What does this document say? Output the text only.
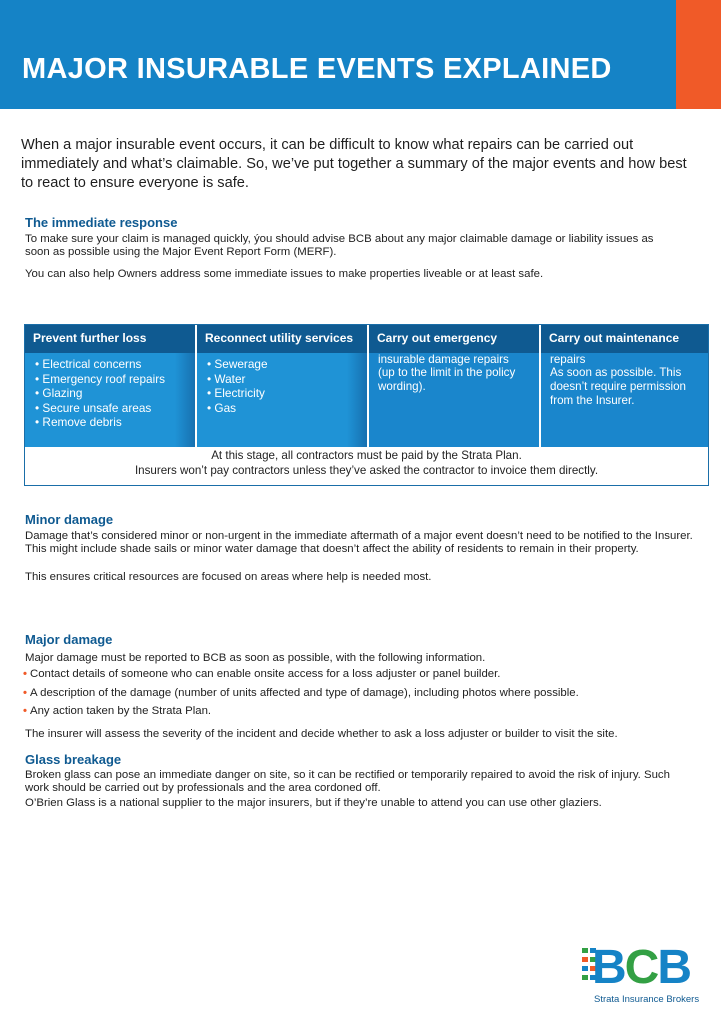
MAJOR INSURABLE EVENTS EXPLAINED

When a major insurable event occurs, it can be difficult to know what repairs can be carried out immediately and what’s claimable. So, we’ve put together a summary of the major events and how best to react to ensure everyone is safe.

The immediate response

To make sure your claim is managed quickly, ýou should advise BCB about any major claimable damage or liability issues as soon as possible using the Major Event Report Form (MERF).

You can also help Owners address some immediate issues to make properties liveable or at least safe.

Prevent further loss
• Electrical concerns
• Emergency roof repairs
• Glazing
• Secure unsafe areas
• Remove debris
Reconnect utility services
• Sewerage
• Water
• Electricity
• Gas
Carry out emergency

insurable damage repairs

(up to the limit in the policy wording).

Carry out maintenance

repairs

As soon as possible. This doesn’t require permission from the Insurer.

At this stage, all contractors must be paid by the Strata Plan.
Insurers won’t pay contractors unless they’ve asked the contractor to invoice them directly.

Minor damage

Damage that’s considered minor or non-urgent in the immediate aftermath of a major event doesn’t need to be notified to the Insurer. This might include shade sails or minor water damage that doesn’t affect the ability of residents to remain in their property.

This ensures critical resources are focused on areas where help is needed most.

Major damage

Major damage must be reported to BCB as soon as possible, with the following information.

• Contact details of someone who can enable onsite access for a loss adjuster or panel builder.
• A description of the damage (number of units affected and type of damage), including photos where possible.
• Any action taken by the Strata Plan.

The insurer will assess the severity of the incident and decide whether to ask a loss adjuster or builder to visit the site.

Glass breakage

Broken glass can pose an immediate danger on site, so it can be rectified or temporarily repaired to avoid the risk of injury. Such work should be carried out by professionals and the area cordoned off.

O’Brien Glass is a national supplier to the major insurers, but if they’re unable to attend you can use other glaziers.

BCB

Strata Insurance Brokers
